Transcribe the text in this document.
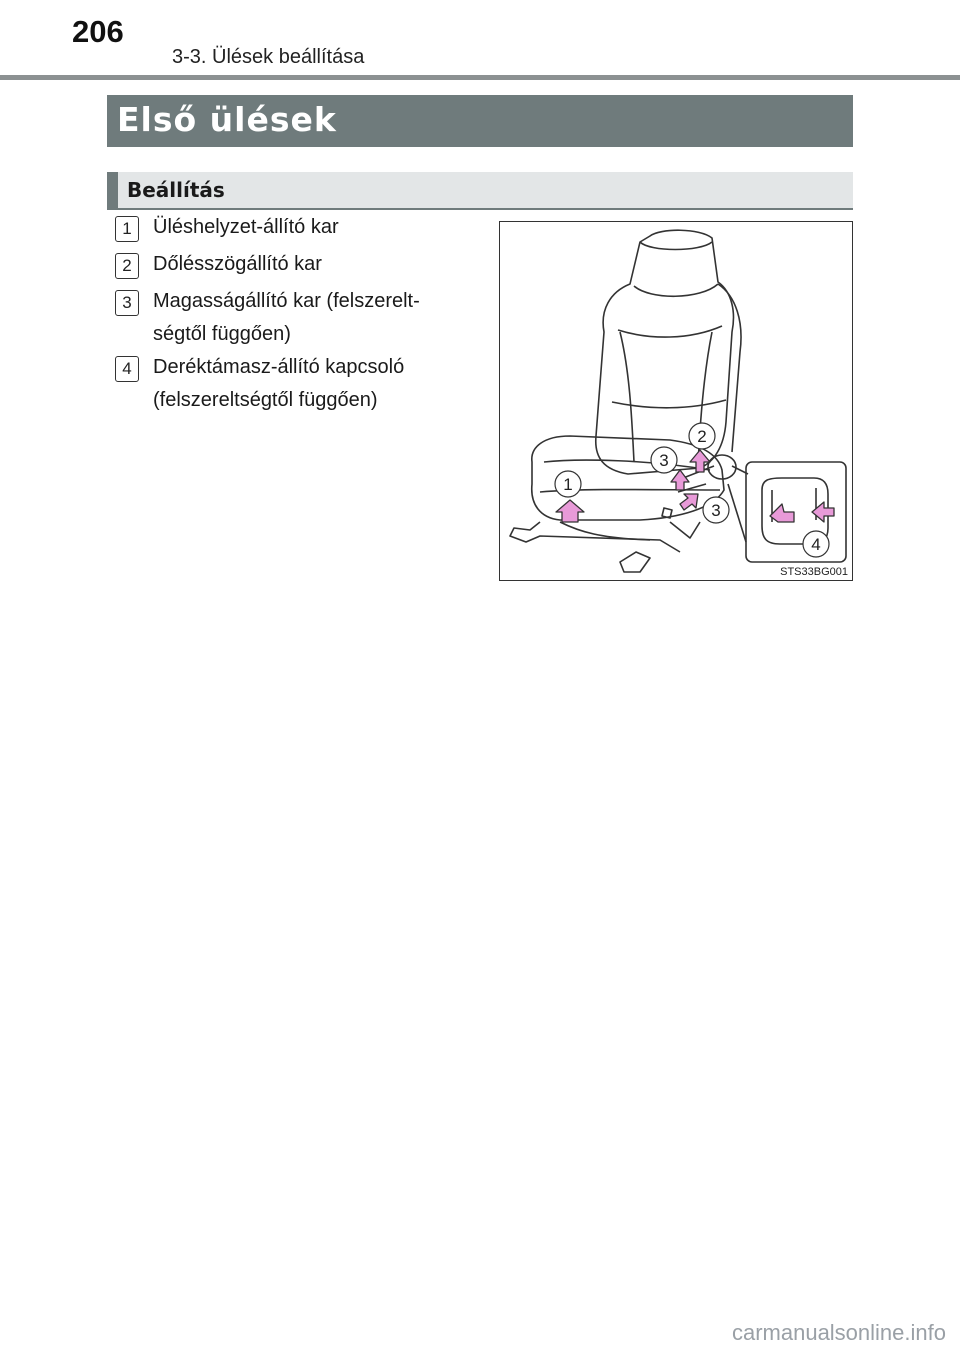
206
3-3. Ülések beállítása
Első ülések
Beállítás
1	Üléshelyzet-állító kar
2	Dőlésszögállító kar
3	Magasságállító kar (felszerelt-ségtől függően)
4	Deréktámasz-állító kapcsoló (felszereltségtől függően)
1
2
3
3
4
STS33BG001
carmanualsonline.info
